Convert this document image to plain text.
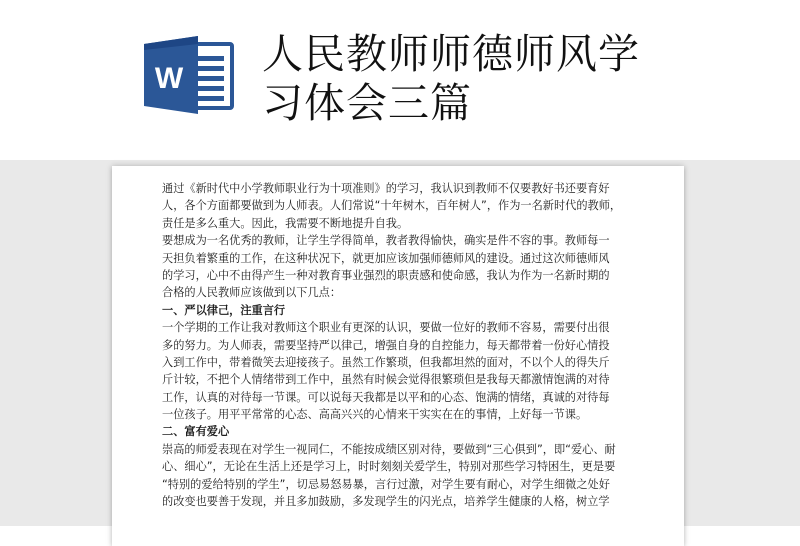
W
人民教师师德师风学
习体会三篇
通过《新时代中小学教师职业行为十项准则》的学习，我认识到教师不仅要教好书还要育好
人，各个方面都要做到为人师表。人们常说“十年树木，百年树人”，作为一名新时代的教师，
责任是多么重大。因此，我需要不断地提升自我。
要想成为一名优秀的教师，让学生学得简单，教者教得愉快，确实是件不容的事。教师每一
天担负着繁重的工作，在这种状况下，就更加应该加强师德师风的建设。通过这次师德师风
的学习，心中不由得产生一种对教育事业强烈的职责感和使命感，我认为作为一名新时期的
合格的人民教师应该做到以下几点：
一、严以律己，注重言行
一个学期的工作让我对教师这个职业有更深的认识，要做一位好的教师不容易，需要付出很
多的努力。为人师表，需要坚持严以律己，增强自身的自控能力，每天都带着一份好心情投
入到工作中，带着微笑去迎接孩子。虽然工作繁琐，但我都坦然的面对，不以个人的得失斤
斤计较，不把个人情绪带到工作中，虽然有时候会觉得很繁琐但是我每天都激情饱满的对待
工作，认真的对待每一节课。可以说每天我都是以平和的心态、饱满的情绪，真诚的对待每
一位孩子。用平平常常的心态、高高兴兴的心情来干实实在在的事情，上好每一节课。
二、富有爱心
崇高的师爱表现在对学生一视同仁，不能按成绩区别对待，要做到“三心俱到”，即“爱心、耐
心、细心”，无论在生活上还是学习上，时时刻刻关爱学生，特别对那些学习特困生，更是要
“特别的爱给特别的学生”，切忌易怒易暴，言行过激，对学生要有耐心，对学生细微之处好
的改变也要善于发现，并且多加鼓励，多发现学生的闪光点，培养学生健康的人格，树立学
